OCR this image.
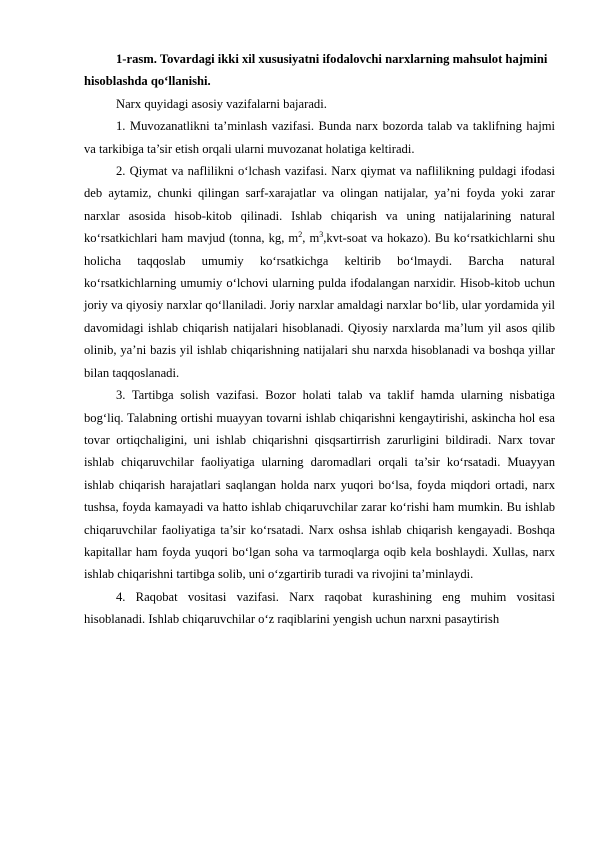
1-rasm. Tovardagi ikki xil xususiyatni ifodalovchi narxlarning mahsulot hajmini
hisoblashda qo‘llanishi.

Narx quyidagi asosiy vazifalarni bajaradi.

1. Muvozanatlikni ta’minlash vazifasi. Bunda narx bozorda talab va taklifning hajmi va tarkibiga ta’sir etish orqali ularni muvozanat holatiga keltiradi.

2. Qiymat va naflilikni o‘lchash vazifasi. Narx qiymat va naflilikning puldagi ifodasi deb aytamiz, chunki qilingan sarf-xarajatlar va olingan natijalar, ya’ni foyda yoki zarar narxlar asosida hisob-kitob qilinadi. Ishlab chiqarish va uning natijalarining natural ko‘rsatkichlari ham mavjud (tonna, kg, $m^2$, $m^3,kvt$-soat va hokazo). Bu ko‘rsatkichlarni shu holicha taqqoslab umumiy ko‘rsatkichga keltirib bo‘lmaydi. Barcha natural ko‘rsatkichlarning umumiy o‘lchovi ularning pulda ifodalangan narxidir. Hisob-kitob uchun joriy va qiyosiy narxlar qo‘llaniladi. Joriy narxlar amaldagi narxlar bo‘lib, ular yordamida yil davomidagi ishlab chiqarish natijalari hisoblanadi. Qiyosiy narxlarda ma’lum yil asos qilib olinib, ya’ni bazis yil ishlab chiqarishning natijalari shu narxda hisoblanadi va boshqa yillar bilan taqqoslanadi.

3. Tartibga solish vazifasi. Bozor holati talab va taklif hamda ularning nisbatiga bog‘liq. Talabning ortishi muayyan tovarni ishlab chiqarishni kengaytirishi, askincha hol esa tovar ortiqchaligini, uni ishlab chiqarishni qisqsartirrish zarurligini bildiradi. Narx tovar ishlab chiqaruvchilar faoliyatiga ularning daromadlari orqali ta’sir ko‘rsatadi. Muayyan ishlab chiqarish harajatlari saqlangan holda narx yuqori bo‘lsa, foyda miqdori ortadi, narx tushsa, foyda kamayadi va hatto ishlab chiqaruvchilar zarar ko‘rishi ham mumkin. Bu ishlab chiqaruvchilar faoliyatiga ta’sir ko‘rsatadi. Narx oshsa ishlab chiqarish kengayadi. Boshqa kapitallar ham foyda yuqori bo‘lgan soha va tarmoqlarga oqib kela boshlaydi. Xullas, narx ishlab chiqarishni tartibga solib, uni o‘zgartirib turadi va rivojini ta’minlaydi.

4. Raqobat vositasi vazifasi. Narx raqobat kurashining eng muhim vositasi hisoblanadi. Ishlab chiqaruvchilar o‘z raqiblarini yengish uchun narxni pasaytirish
